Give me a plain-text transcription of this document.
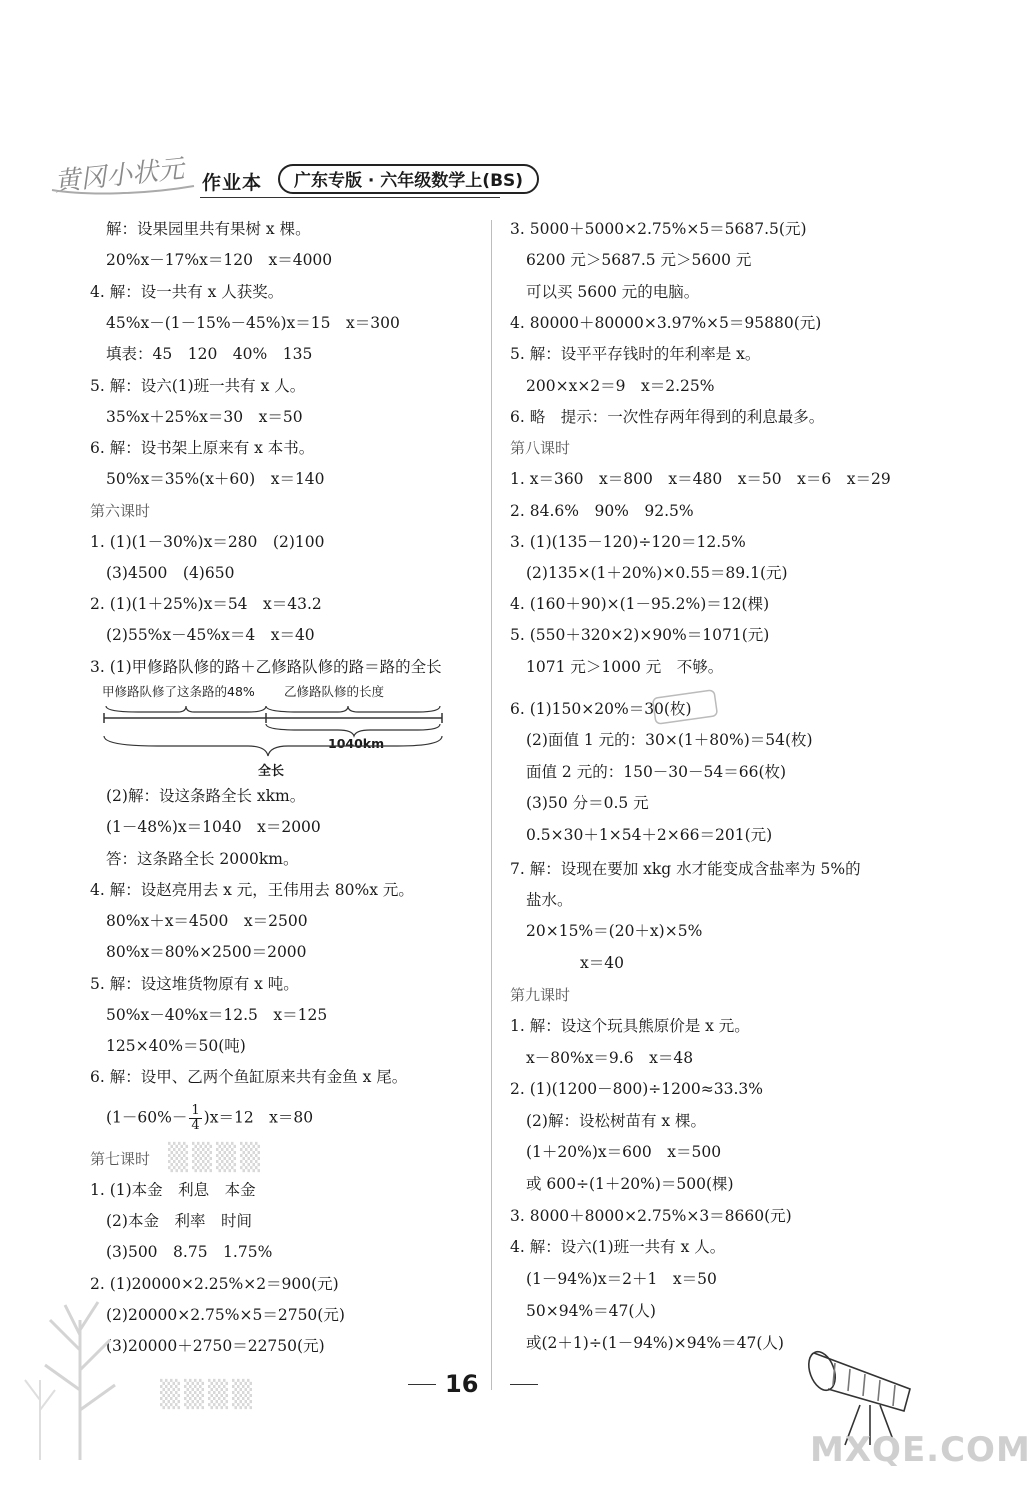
黄冈小状元 作业本	广东专版 · 六年级数学上(BS)
解：设果园里共有果树 x 棵。
20%x－17%x＝120　x＝4000
4. 解：设一共有 x 人获奖。
45%x－(1－15%－45%)x＝15　x＝300
填表：45　120　40%　135
5. 解：设六(1)班一共有 x 人。
35%x＋25%x＝30　x＝50
6. 解：设书架上原来有 x 本书。
50%x＝35%(x＋60)　x＝140
第六课时
1. (1)(1－30%)x＝280　(2)100
(3)4500　(4)650
2. (1)(1＋25%)x＝54　x＝43.2
(2)55%x－45%x＝4　x＝40
3. (1)甲修路队修的路＋乙修路队修的路＝路的全长
甲修路队修了这条路的48% 乙修路队修的长度
1040km
全长
(2)解：设这条路全长 xkm。
(1－48%)x＝1040　x＝2000
答：这条路全长 2000km。
4. 解：设赵亮用去 x 元，王伟用去 80%x 元。
80%x＋x＝4500　x＝2500
80%x＝80%×2500＝2000
5. 解：设这堆货物原有 x 吨。
50%x－40%x＝12.5　x＝125
125×40%＝50(吨)
6. 解：设甲、乙两个鱼缸原来共有金鱼 x 尾。
$(1-60\%- \frac{1}{4} )x=12$　x＝80
第七课时 ▒▒▒▒
1. (1)本金　利息　本金
(2)本金　利率　时间
(3)500　8.75　1.75%
2. (1)20000×2.25%×2＝900(元)
(2)20000×2.75%×5＝2750(元)
(3)20000＋2750＝22750(元)
3. 5000＋5000×2.75%×5＝5687.5(元)
6200 元＞5687.5 元＞5600 元
可以买 5600 元的电脑。
4. 80000＋80000×3.97%×5＝95880(元)
5. 解：设平平存钱时的年利率是 x。
200×x×2＝9　x＝2.25%
6. 略　提示：一次性存两年得到的利息最多。
第八课时
1. x＝360　x＝800　x＝480　x＝50　x＝6　x＝29
2. 84.6%　90%　92.5%
3. (1)(135－120)÷120＝12.5%
(2)135×(1＋20%)×0.55＝89.1(元)
4. (160＋90)×(1－95.2%)＝12(棵)
5. (550＋320×2)×90%＝1071(元)
1071 元＞1000 元　不够。
6. (1)150×20%＝30(枚)
(2)面值 1 元的：30×(1＋80%)＝54(枚)
面值 2 元的：150－30－54＝66(枚)
(3)50 分＝0.5 元
0.5×30＋1×54＋2×66＝201(元)
7. 解：设现在要加 xkg 水才能变成含盐率为 5%的
盐水。
20×15%＝(20＋x)×5%
x＝40
第九课时
1. 解：设这个玩具熊原价是 x 元。
x－80%x＝9.6　x＝48
2. (1)(1200－800)÷1200≈33.3%
(2)解：设松树苗有 x 棵。
(1＋20%)x＝600　x＝500
或 600÷(1＋20%)＝500(棵)
3. 8000＋8000×2.75%×3＝8660(元)
4. 解：设六(1)班一共有 x 人。
(1－94%)x＝2＋1　x＝50
50×94%＝47(人)
或(2＋1)÷(1－94%)×94%＝47(人)
16
▒▒▒▒
MXQE.COM
